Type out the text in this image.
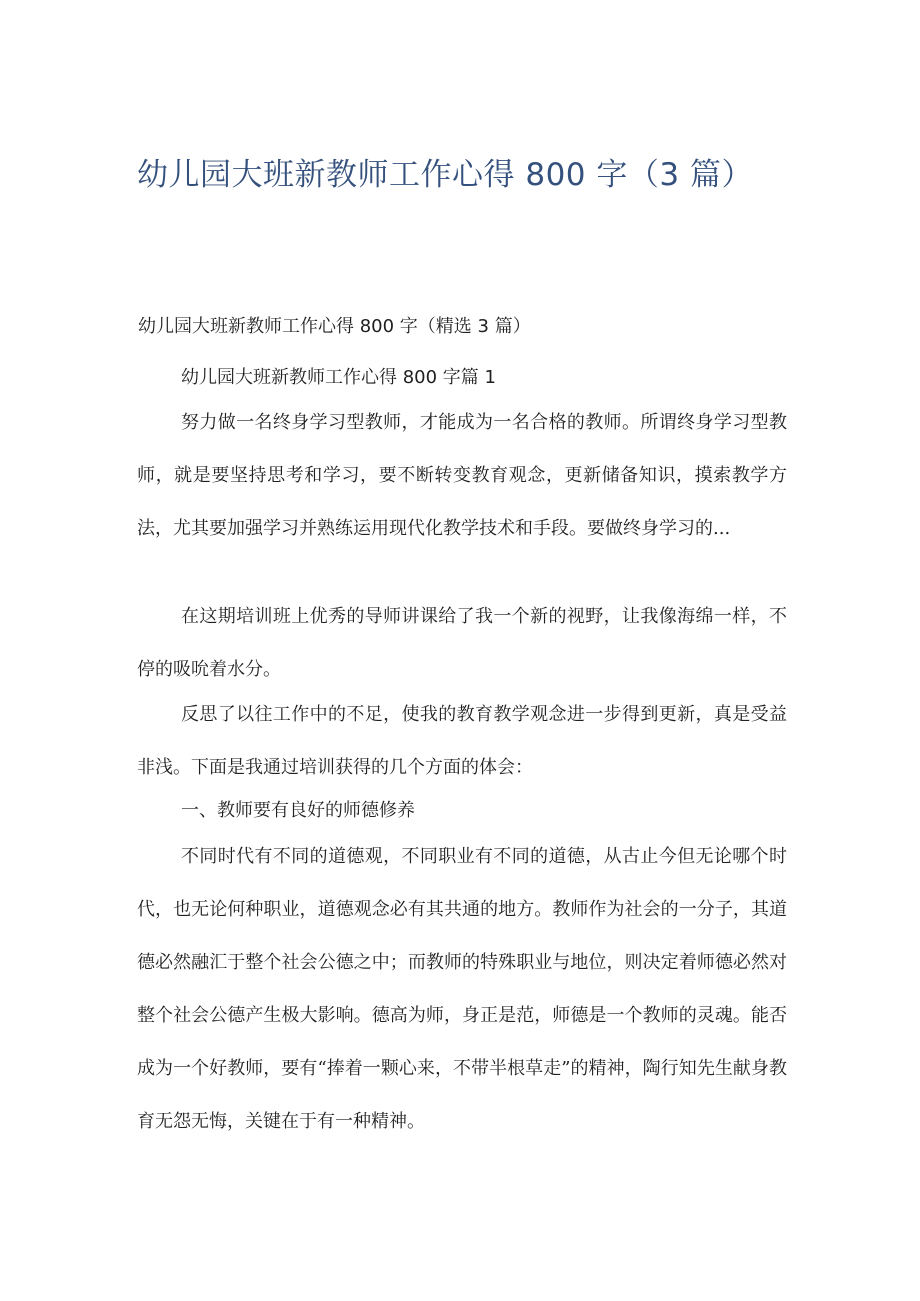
幼儿园大班新教师工作心得 800 字（3 篇）

幼儿园大班新教师工作心得 800 字（精选 3 篇）

幼儿园大班新教师工作心得 800 字篇 1

努力做一名终身学习型教师，才能成为一名合格的教师。所谓终身学习型教师，就是要坚持思考和学习，要不断转变教育观念，更新储备知识，摸索教学方法，尤其要加强学习并熟练运用现代化教学技术和手段。要做终身学习的...

在这期培训班上优秀的导师讲课给了我一个新的视野，让我像海绵一样，不停的吸吮着水分。

反思了以往工作中的不足，使我的教育教学观念进一步得到更新，真是受益非浅。下面是我通过培训获得的几个方面的体会：

一、教师要有良好的师德修养

不同时代有不同的道德观，不同职业有不同的道德，从古止今但无论哪个时代，也无论何种职业，道德观念必有其共通的地方。教师作为社会的一分子，其道德必然融汇于整个社会公德之中；而教师的特殊职业与地位，则决定着师德必然对整个社会公德产生极大影响。德高为师，身正是范，师德是一个教师的灵魂。能否成为一个好教师，要有“捧着一颗心来，不带半根草走”的精神，陶行知先生献身教育无怨无悔，关键在于有一种精神。
